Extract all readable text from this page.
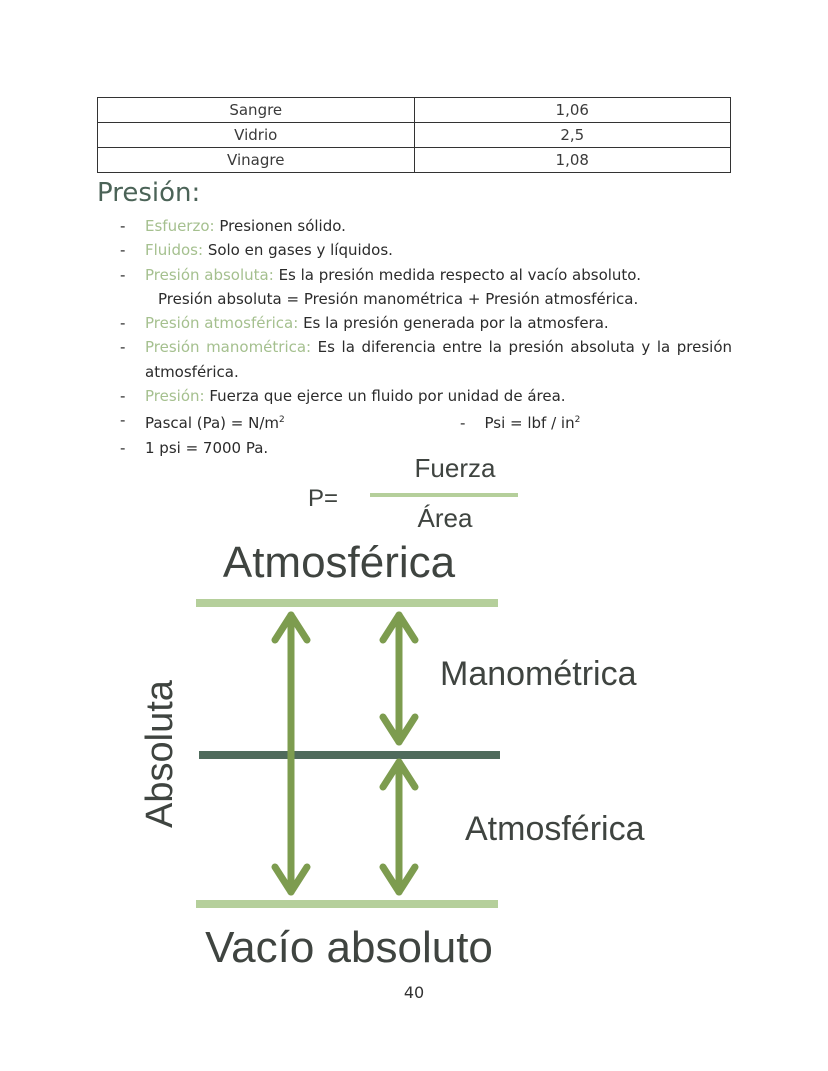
Sangre	1,06
Vidrio	2,5
Vinagre	1,08
Presión:
- Esfuerzo: Presionen sólido.
- Fluidos: Solo en gases y líquidos.
- Presión absoluta: Es la presión medida respecto al vacío absoluto.
Presión absoluta = Presión manométrica + Presión atmosférica.
- Presión atmosférica: Es la presión generada por la atmosfera.
- Presión manométrica: Es la diferencia entre la presión absoluta y la presión atmosférica.
- Presión: Fuerza que ejerce un fluido por unidad de área.
- Pascal $(Pa) = N/m^2$	-    Psi = lbf / $in^2$
- 1 psi = 7000 Pa.
P=
Fuerza
Área
Atmosférica
Absoluta
Manométrica
Atmosférica
Vacío absoluto
40
